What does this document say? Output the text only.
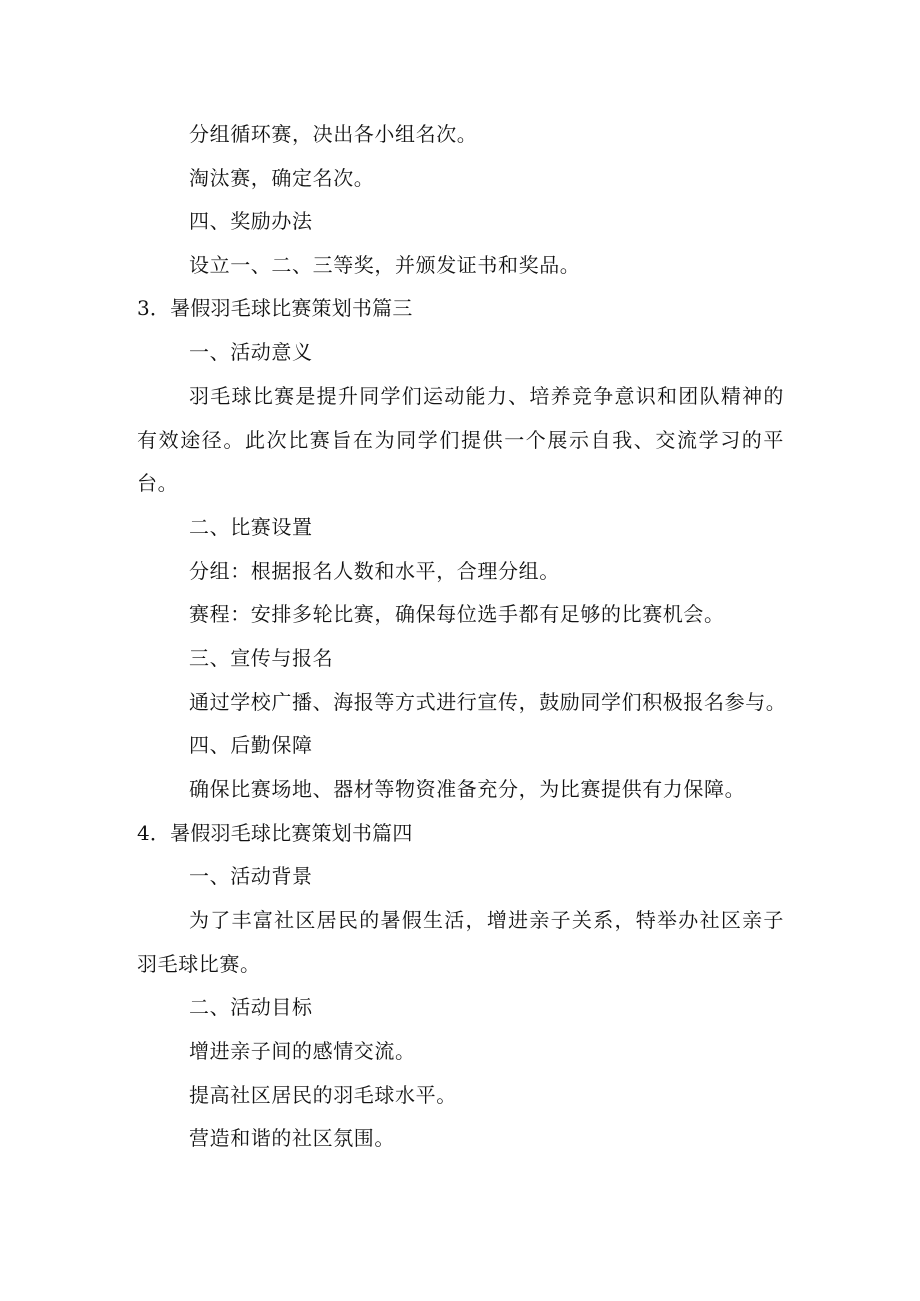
分组循环赛，决出各小组名次。

淘汰赛，确定名次。

四、奖励办法

设立一、二、三等奖，并颁发证书和奖品。

3．暑假羽毛球比赛策划书篇三

一、活动意义

羽毛球比赛是提升同学们运动能力、培养竞争意识和团队精神的

有效途径。此次比赛旨在为同学们提供一个展示自我、交流学习的平

台。

二、比赛设置

分组：根据报名人数和水平，合理分组。

赛程：安排多轮比赛，确保每位选手都有足够的比赛机会。

三、宣传与报名

通过学校广播、海报等方式进行宣传，鼓励同学们积极报名参与。

四、后勤保障

确保比赛场地、器材等物资准备充分，为比赛提供有力保障。

4．暑假羽毛球比赛策划书篇四

一、活动背景

为了丰富社区居民的暑假生活，增进亲子关系，特举办社区亲子

羽毛球比赛。

二、活动目标

增进亲子间的感情交流。

提高社区居民的羽毛球水平。

营造和谐的社区氛围。
